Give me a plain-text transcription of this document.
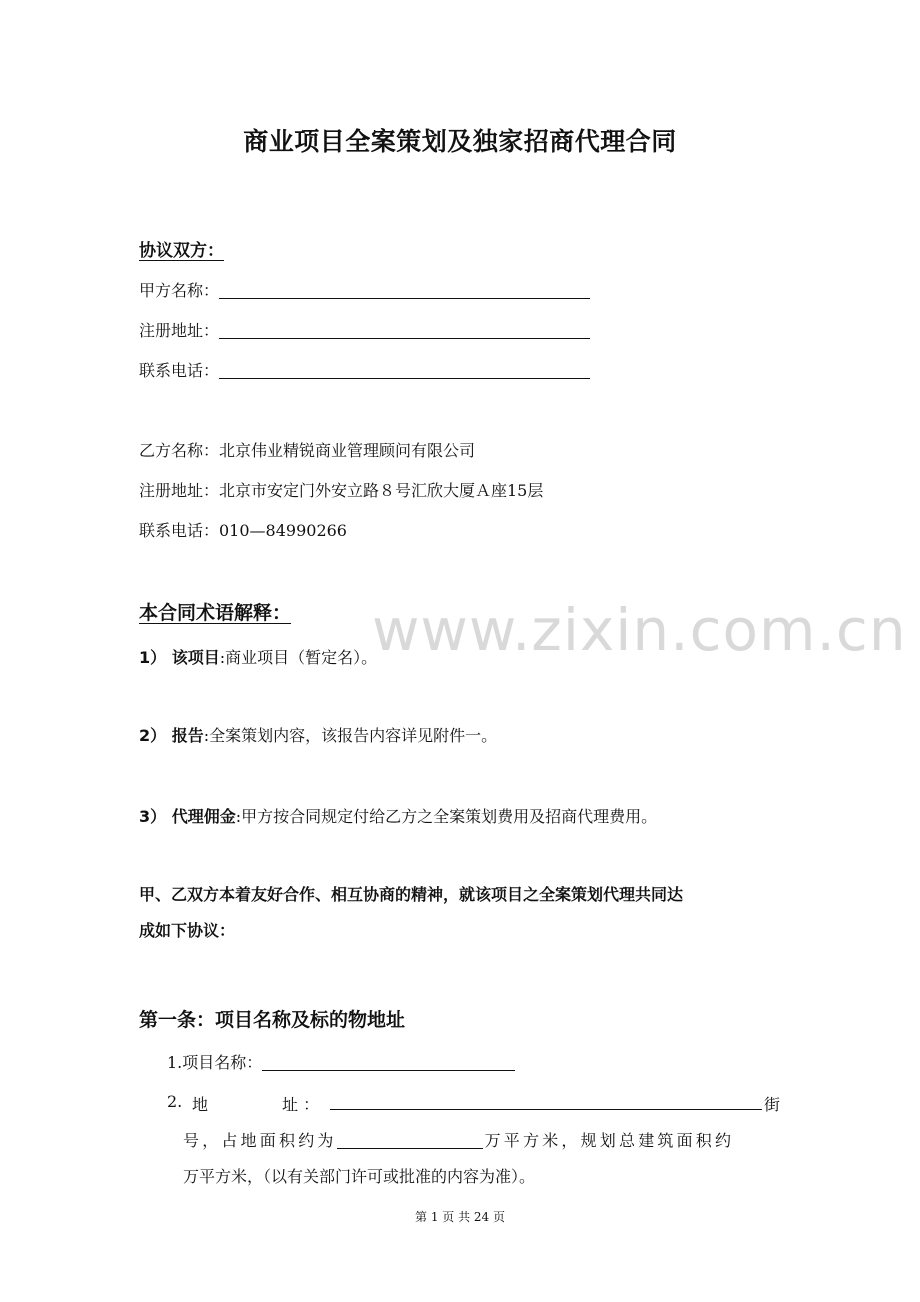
商业项目全案策划及独家招商代理合同
协议双方：
甲方名称：
注册地址：
联系电话：
乙方名称：北京伟业精锐商业管理顾问有限公司
注册地址：北京市安定门外安立路８号汇欣大厦Ａ座15层
联系电话：010—84990266
本合同术语解释： www.zixin.com.cn
1） 该项目:商业项目（暂定名）。
2） 报告:全案策划内容，该报告内容详见附件一。
3） 代理佣金:甲方按合同规定付给乙方之全案策划费用及招商代理费用。
甲、乙双方本着友好合作、相互协商的精神，就该项目之全案策划代理共同达
成如下协议：
第一条：项目名称及标的物地址
1.项目名称：
2. 地	址 ：	街
号，占地面积约为	万平方米，规划总建筑面积约
万平方米，（以有关部门许可或批准的内容为准）。
第 1 页 共 24 页
